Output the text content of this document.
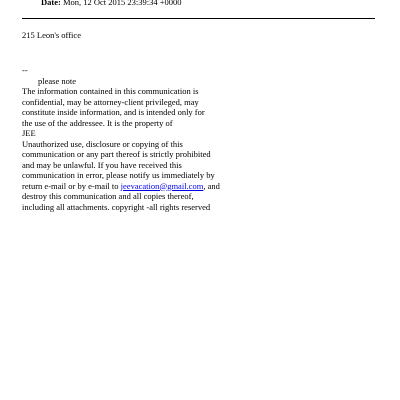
Date: Mon, 12 Oct 2015 23:39:34 +0000
215 Leon's office
--
please note
The information contained in this communication is
confidential, may be attorney-client privileged, may
constitute inside information, and is intended only for
the use of the addressee. It is the property of
JEE
Unauthorized use, disclosure or copying of this
communication or any part thereof is strictly prohibited
and may be unlawful. If you have received this
communication in error, please notify us immediately by
return e-mail or by e-mail to jeevacation@gmail.com, and
destroy this communication and all copies thereof,
including all attachments. copyright -all rights reserved
